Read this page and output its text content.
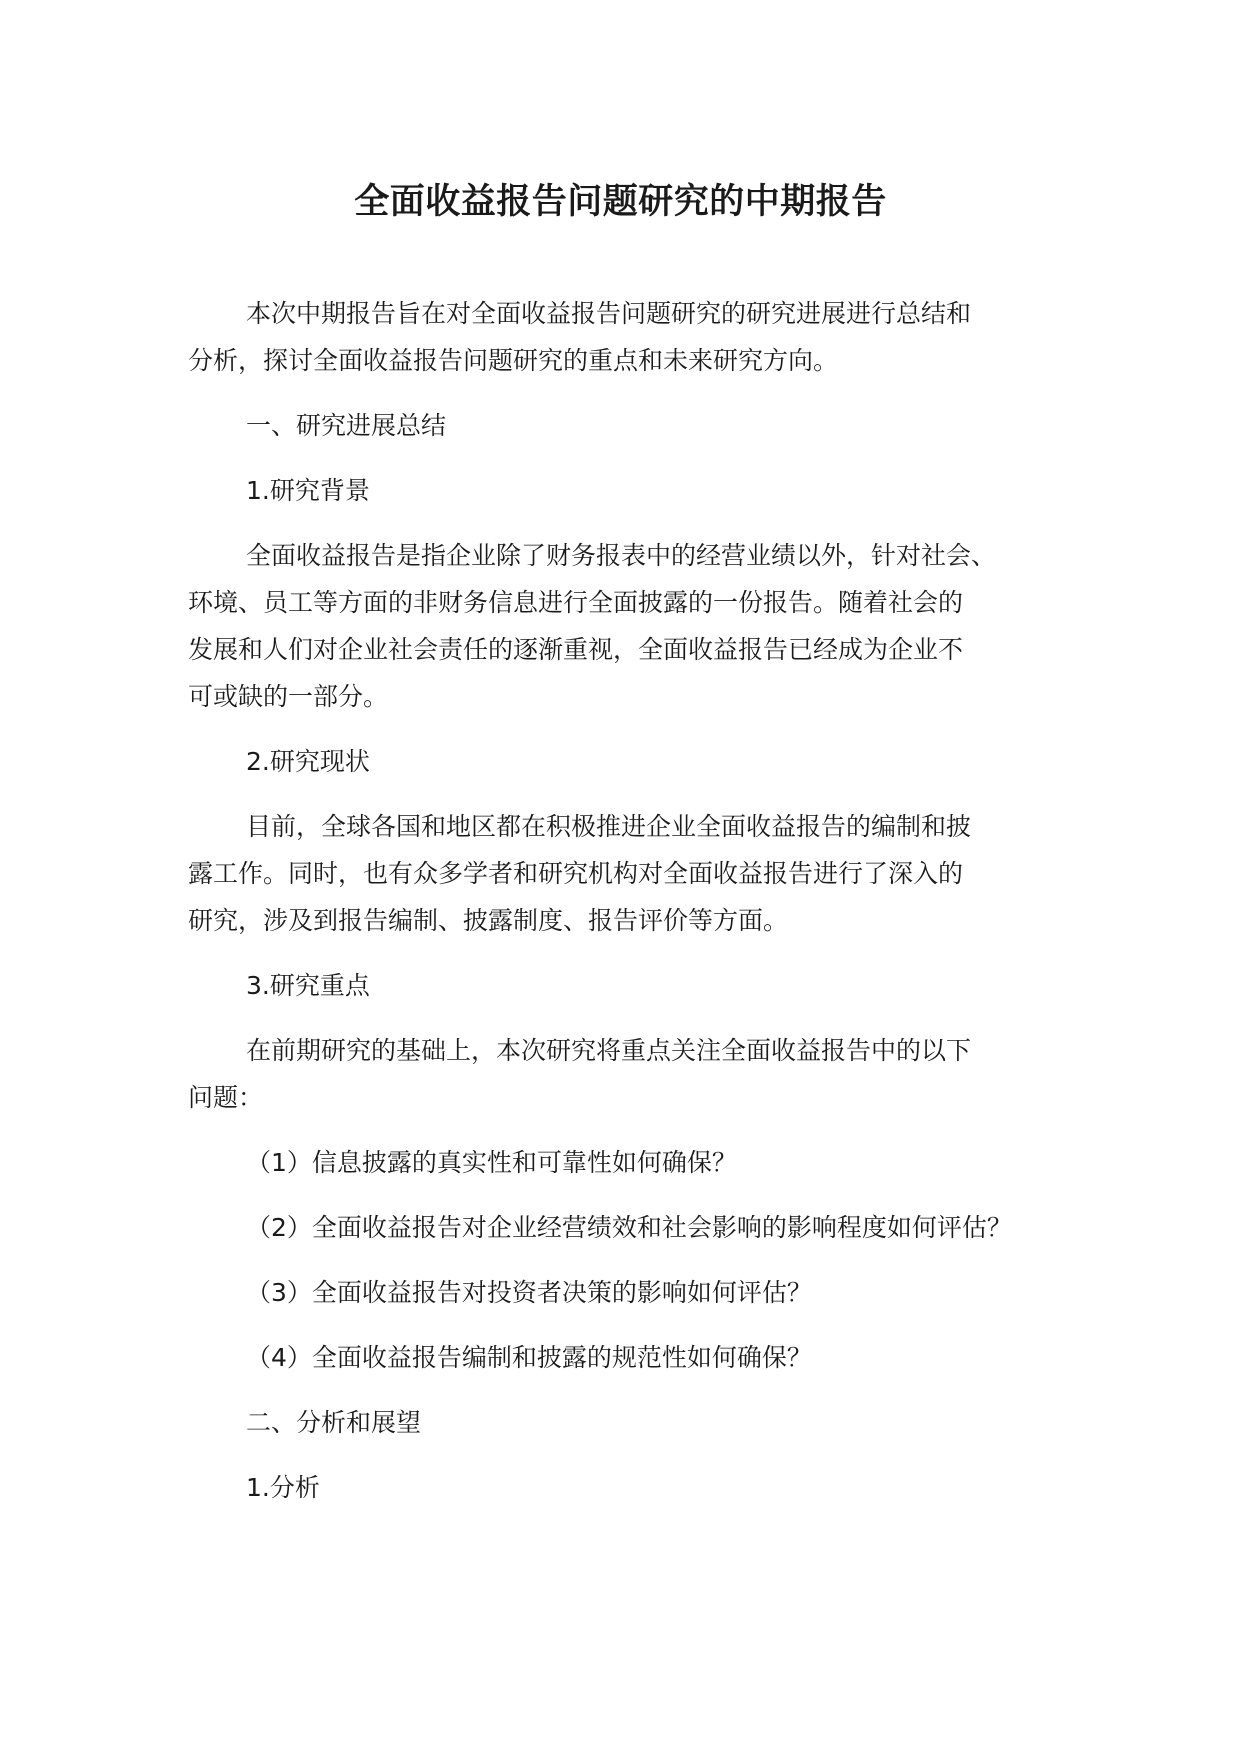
全面收益报告问题研究的中期报告
本次中期报告旨在对全面收益报告问题研究的研究进展进行总结和
分析，探讨全面收益报告问题研究的重点和未来研究方向。
一、研究进展总结
1.研究背景
全面收益报告是指企业除了财务报表中的经营业绩以外，针对社会、
环境、员工等方面的非财务信息进行全面披露的一份报告。随着社会的
发展和人们对企业社会责任的逐渐重视，全面收益报告已经成为企业不
可或缺的一部分。
2.研究现状
目前，全球各国和地区都在积极推进企业全面收益报告的编制和披
露工作。同时，也有众多学者和研究机构对全面收益报告进行了深入的
研究，涉及到报告编制、披露制度、报告评价等方面。
3.研究重点
在前期研究的基础上，本次研究将重点关注全面收益报告中的以下
问题：
（1）信息披露的真实性和可靠性如何确保？
（2）全面收益报告对企业经营绩效和社会影响的影响程度如何评估？
（3）全面收益报告对投资者决策的影响如何评估？
（4）全面收益报告编制和披露的规范性如何确保？
二、分析和展望
1.分析
